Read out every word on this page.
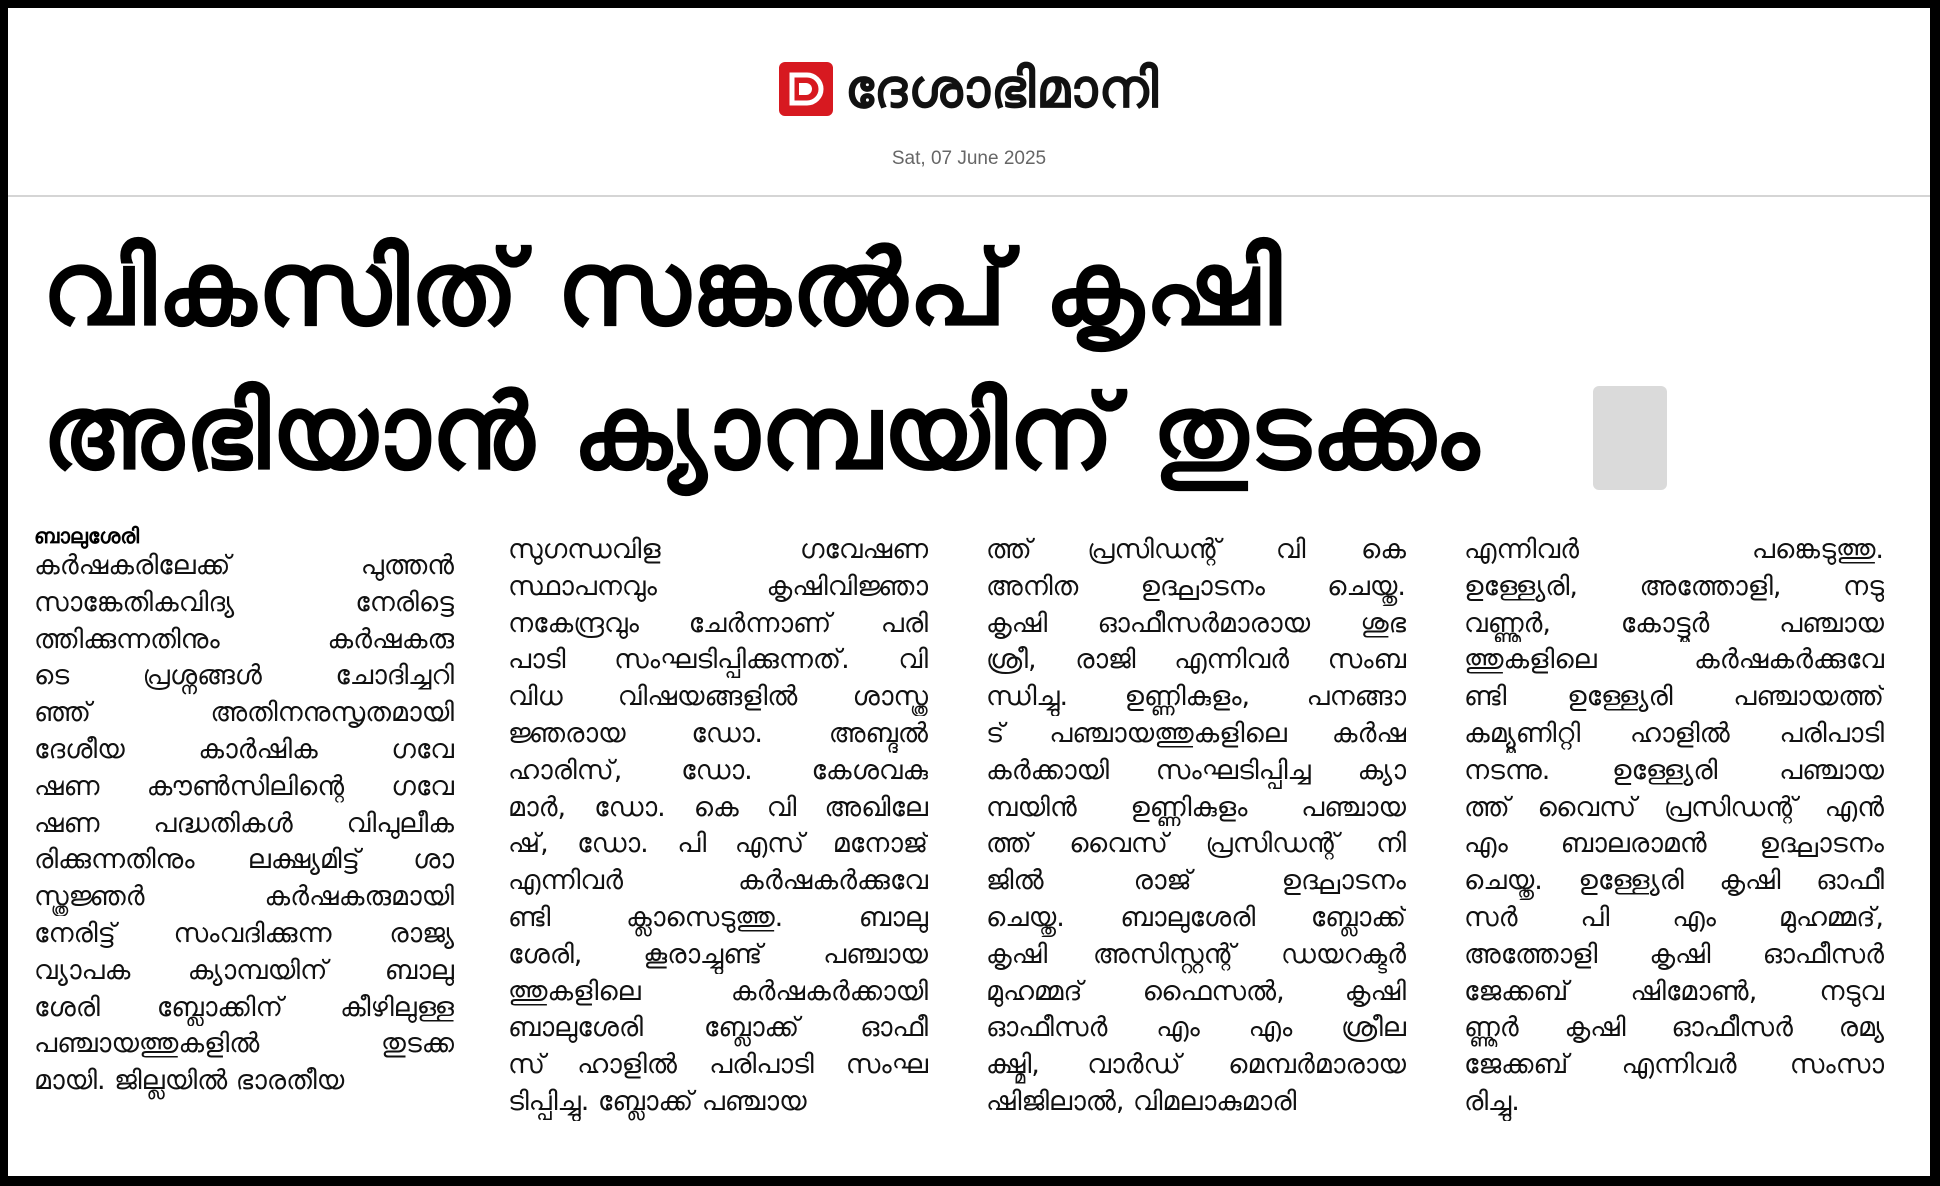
ദേശാഭിമാനി
Sat, 07 June 2025
വികസിത് സങ്കൽപ് കൃഷി
അഭിയാൻ ക്യാമ്പയിന് തുടക്കം
ബാലുശേരി
കർഷകരിലേക്ക് പുത്തൻ
സാങ്കേതികവിദ്യ നേരിട്ടെ
ത്തിക്കുന്നതിനും കർഷകരു
ടെ പ്രശ്നങ്ങൾ ചോദിച്ചറി
ഞ്ഞ് അതിനനുസൃതമായി
ദേശീയ കാർഷിക ഗവേ
ഷണ കൗൺസിലിന്റെ ഗവേ
ഷണ പദ്ധതികൾ വിപുലീക
രിക്കുന്നതിനും ലക്ഷ്യമിട്ട് ശാ
സ്ത്രജ്ഞർ കർഷകരുമായി
നേരിട്ട് സംവദിക്കുന്ന രാജ്യ
വ്യാപക ക്യാമ്പയിന് ബാലു
ശേരി ബ്ലോക്കിന് കീഴിലുള്ള
പഞ്ചായത്തുകളിൽ തുടക്ക
മായി. ജില്ലയിൽ ഭാരതീയ
സുഗന്ധവിള ഗവേഷണ
സ്ഥാപനവും കൃഷിവിജ്ഞാ
നകേന്ദ്രവും ചേർന്നാണ് പരി
പാടി സംഘടിപ്പിക്കുന്നത്. വി
വിധ വിഷയങ്ങളിൽ ശാസ്ത്ര
ജ്ഞരായ ഡോ. അബ്ദുൽ
ഹാരിസ്, ഡോ. കേശവകു
മാർ, ഡോ. കെ വി അഖിലേ
ഷ്, ഡോ. പി എസ് മനോജ്
എന്നിവർ കർഷകർക്കുവേ
ണ്ടി ക്ലാസെടുത്തു. ബാലു
ശേരി, കൂരാച്ചുണ്ട് പഞ്ചായ
ത്തുകളിലെ കർഷകർക്കായി
ബാലുശേരി ബ്ലോക്ക് ഓഫീ
സ് ഹാളിൽ പരിപാടി സംഘ
ടിപ്പിച്ചു. ബ്ലോക്ക് പഞ്ചായ
ത്ത് പ്രസിഡന്റ് വി കെ
അനിത ഉദ്ഘാടനം ചെയ്തു.
കൃഷി ഓഫീസർമാരായ ശുഭ
ശ്രീ, രാജി എന്നിവർ സംബ
ന്ധിച്ചു. ഉണ്ണികുളം, പനങ്ങാ
ട് പഞ്ചായത്തുകളിലെ കർഷ
കർക്കായി സംഘടിപ്പിച്ച ക്യാ
മ്പയിൻ ഉണ്ണികുളം പഞ്ചായ
ത്ത് വൈസ് പ്രസിഡന്റ് നി
ജിൽ രാജ് ഉദ്ഘാടനം
ചെയ്തു. ബാലുശേരി ബ്ലോക്ക്
കൃഷി അസിസ്റ്റന്റ് ഡയറക്ടർ
മുഹമ്മദ് ഫൈസൽ, കൃഷി
ഓഫീസർ എം എം ശ്രീല
ക്ഷ്മി, വാർഡ് മെമ്പർമാരായ
ഷിജിലാൽ, വിമലാകുമാരി
എന്നിവർ പങ്കെടുത്തു.
ഉള്ള്യേരി, അത്തോളി, നടു
വണ്ണൂർ, കോട്ടൂർ പഞ്ചായ
ത്തുകളിലെ കർഷകർക്കുവേ
ണ്ടി ഉള്ള്യേരി പഞ്ചായത്ത്
കമ്യൂണിറ്റി ഹാളിൽ പരിപാടി
നടന്നു. ഉള്ള്യേരി പഞ്ചായ
ത്ത് വൈസ് പ്രസിഡന്റ് എൻ
എം ബാലരാമൻ ഉദ്ഘാടനം
ചെയ്തു. ഉള്ള്യേരി കൃഷി ഓഫീ
സർ പി എം മുഹമ്മദ്,
അത്തോളി കൃഷി ഓഫീസർ
ജേക്കബ് ഷിമോൺ, നടുവ
ണ്ണൂർ കൃഷി ഓഫീസർ രമ്യ
ജേക്കബ് എന്നിവർ സംസാ
രിച്ചു.
